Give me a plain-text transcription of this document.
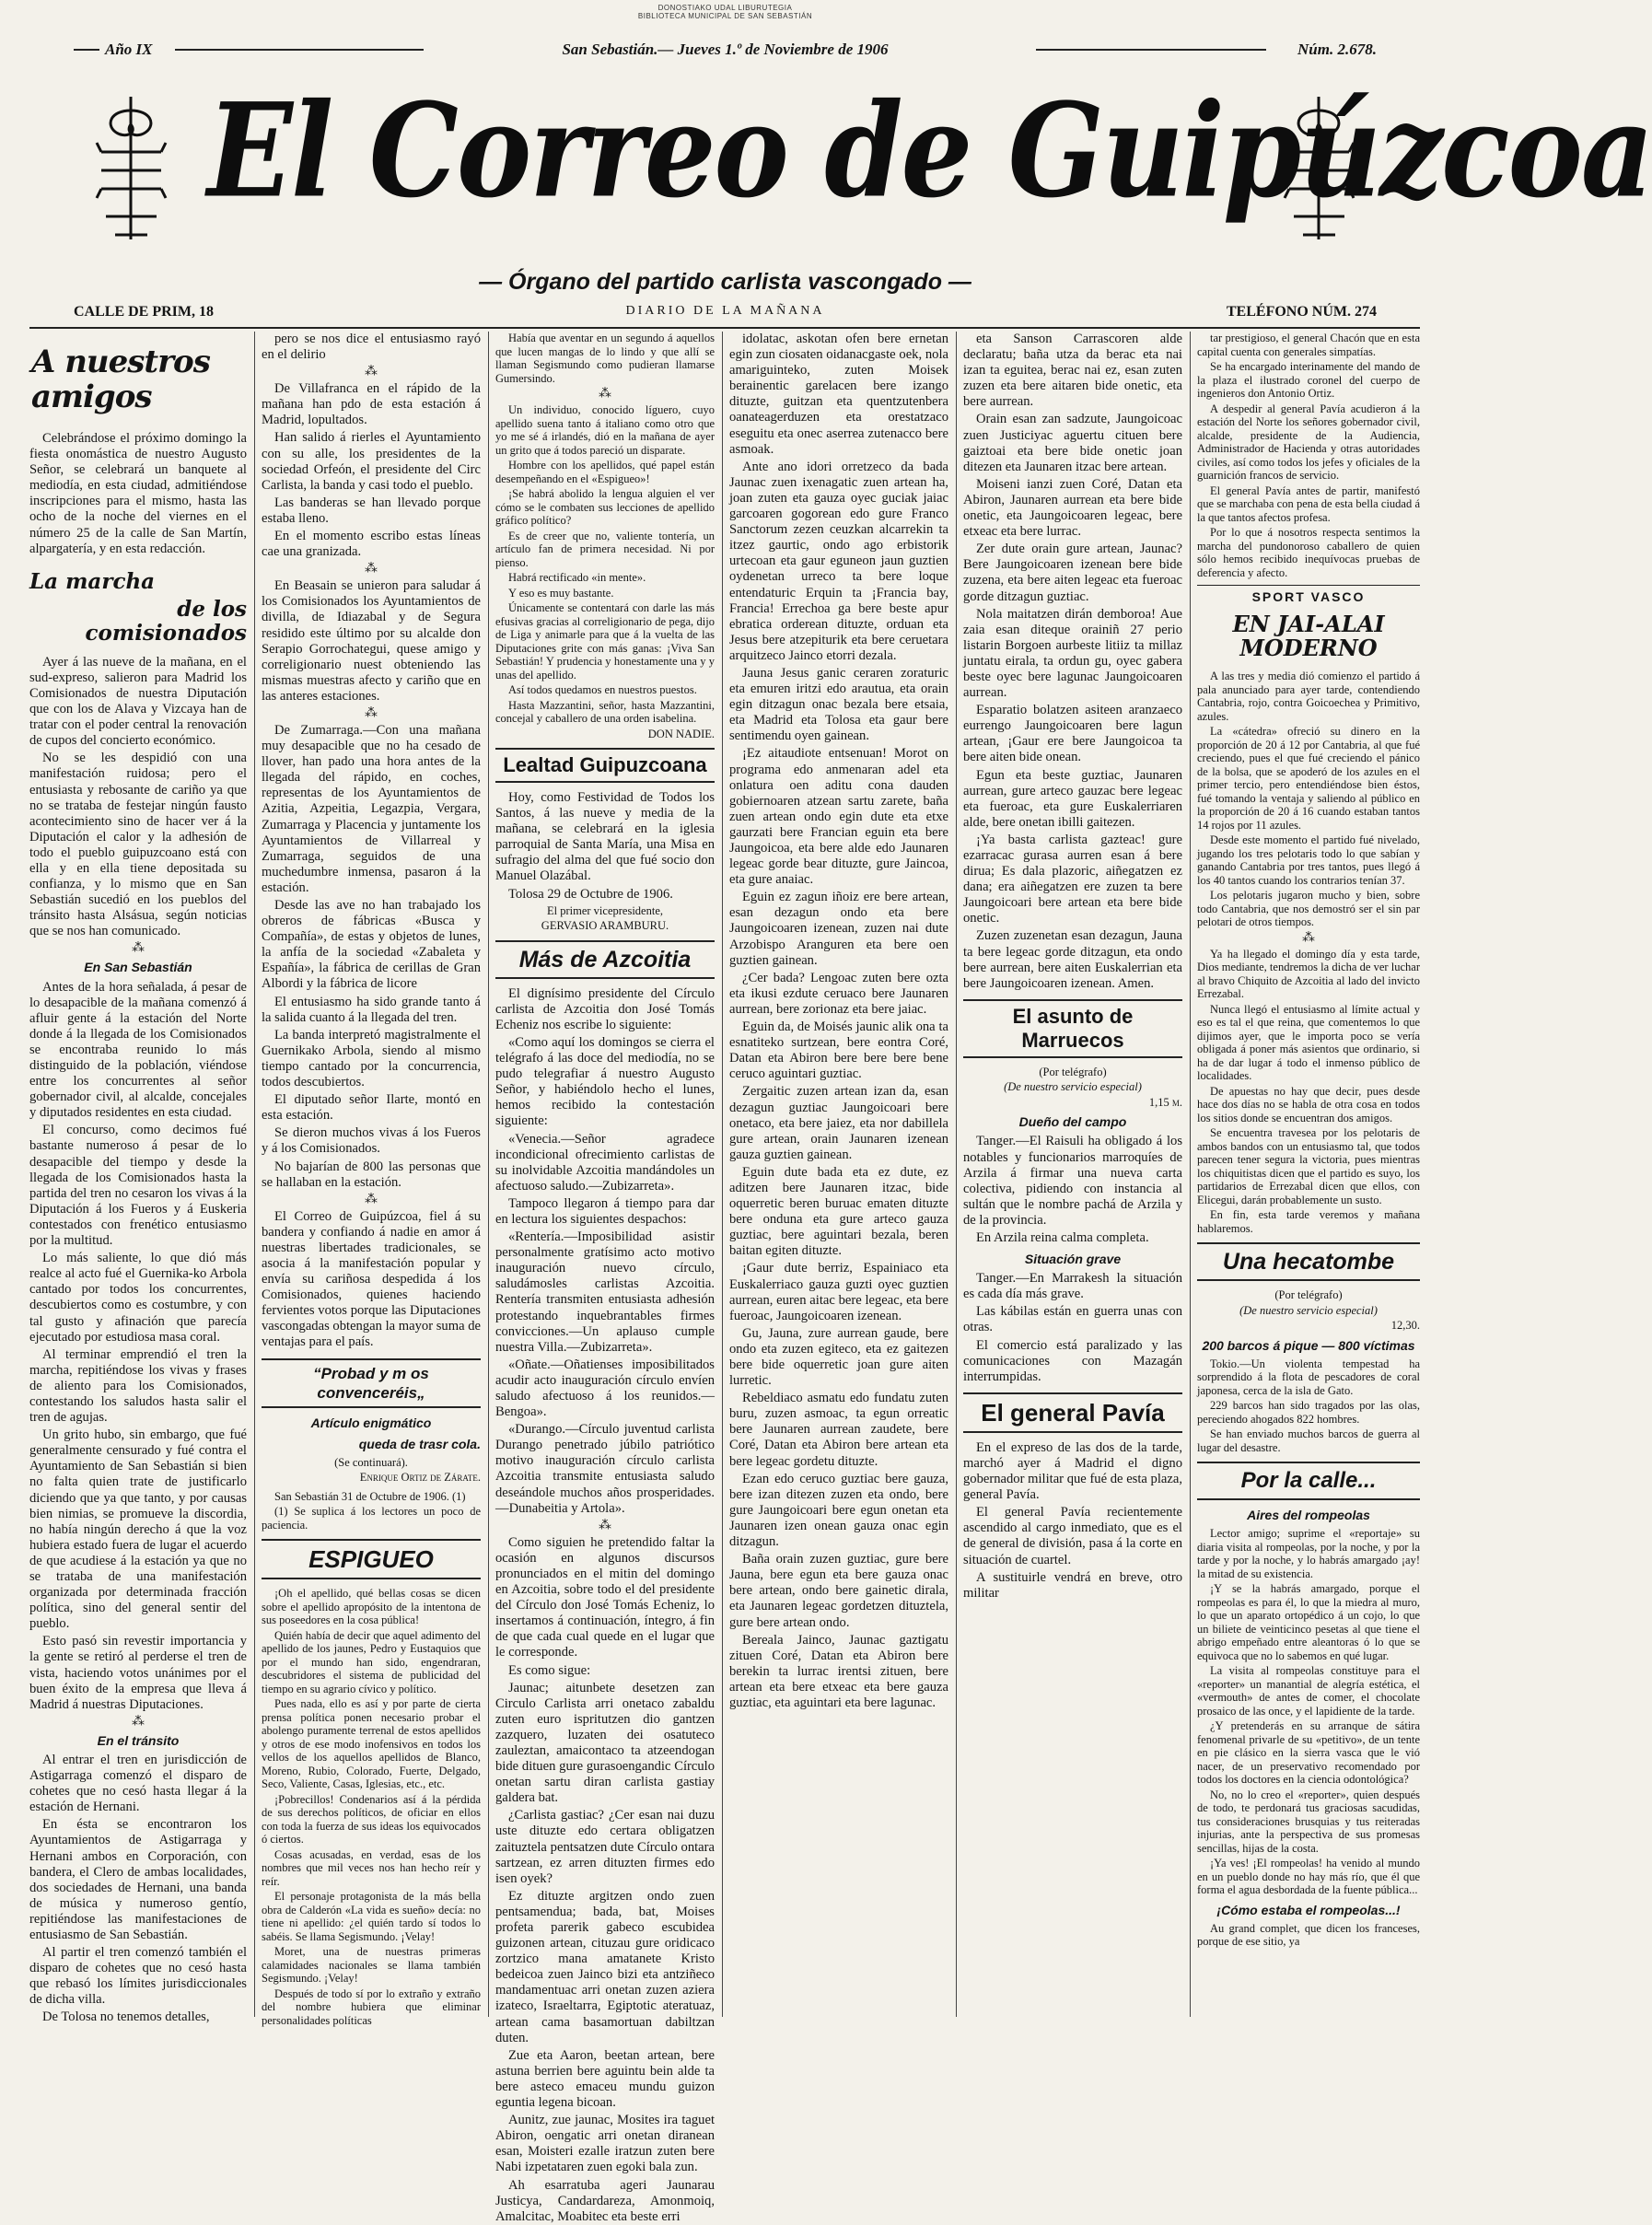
DONOSTIAKO UDAL LIBURUTEGIA
BIBLIOTECA MUNICIPAL DE SAN SEBASTIÁN
Año IX	San Sebastián.— Jueves 1.º de Noviembre de 1906	Núm. 2.678.
El Correo de Guipúzcoa
— Órgano del partido carlista vascongado —
CALLE DE PRIM, 18	DIARIO DE LA MAÑANA	TELÉFONO NÚM. 274
A nuestros amigos

Celebrándose el próximo domingo la fiesta onomástica de nuestro Augusto Señor, se celebrará un banquete al mediodía, en esta ciudad, admitiéndose inscripciones para el mismo, hasta las ocho de la noche del viernes en el número 25 de la calle de San Martín, alpargatería, y en esta redacción.

La marcha
de los comisionados

Ayer á las nueve de la mañana, en el sud-expreso, salieron para Madrid los Comisionados de nuestra Diputación que con los de Alava y Vizcaya han de tratar con el poder central la renovación de cupos del concierto económico.

No se les despidió con una manifestación ruidosa; pero el entusiasta y rebosante de cariño ya que no se trataba de festejar ningún fausto acontecimiento sino de hacer ver á la Diputación el calor y la adhesión de todo el pueblo guipuzcoano está con ella y en ella tiene depositada su confianza, y lo mismo que en San Sebastián sucedió en los pueblos del tránsito hasta Alsásua, según noticias que se nos han comunicado.

⁂
En San Sebastián

Antes de la hora señalada, á pesar de lo desapacible de la mañana comenzó á afluir gente á la estación del Norte donde á la llegada de los Comisionados se encontraba reunido lo más distinguido de la población, viéndose entre los concurrentes al señor gobernador civil, al alcalde, concejales y diputados residentes en esta ciudad.

El concurso, como decimos fué bastante numeroso á pesar de lo desapacible del tiempo y desde la llegada de los Comisionados hasta la partida del tren no cesaron los vivas á la Diputación á los Fueros y á Euskeria contestados con frenético entusiasmo por la multitud.

Lo más saliente, lo que dió más realce al acto fué el Guernika-ko Arbola cantado por todos los concurrentes, descubiertos como es costumbre, y con tal gusto y afinación que parecía ejecutado por estudiosa masa coral.

Al terminar emprendió el tren la marcha, repitiéndose los vivas y frases de aliento para los Comisionados, contestando los saludos hasta salir el tren de agujas.

Un grito hubo, sin embargo, que fué generalmente censurado y fué contra el Ayuntamiento de San Sebastián si bien no falta quien trate de justificarlo diciendo que ya que tanto, y por causas bien nimias, se promueve la discordia, no había ningún derecho á que la voz hubiera estado fuera de lugar el acuerdo de que acudiese á la estación ya que no se trataba de una manifestación organizada por determinada fracción política, sino del general sentir del pueblo.

Esto pasó sin revestir importancia y la gente se retiró al perderse el tren de vista, haciendo votos unánimes por el buen éxito de la empresa que lleva á Madrid á nuestras Diputaciones.

⁂
En el tránsito

Al entrar el tren en jurisdicción de Astigarraga comenzó el disparo de cohetes que no cesó hasta llegar á la estación de Hernani.

En ésta se encontraron los Ayuntamientos de Astigarraga y Hernani ambos en Corporación, con bandera, el Clero de ambas localidades, dos sociedades de Hernani, una banda de música y numeroso gentío, repitiéndose las manifestaciones de entusiasmo de San Sebastián.

Al partir el tren comenzó también el disparo de cohetes que no cesó hasta que rebasó los límites jurisdiccionales de dicha villa.

De Tolosa no tenemos detalles,

pero se nos dice el entusiasmo rayó en el delirio

⁂

De Villafranca en el rápido de la mañana han pdo de esta estación á Madrid, lopultados.

Han salido á rierles el Ayuntamiento con su alle, los presidentes de la sociedad Orfeón, el presidente del Circ Carlista, la banda y casi todo el pueblo.

Las banderas se han llevado porque estaba lleno.

En el momento escribo estas líneas cae una granizada.

⁂

En Beasain se unieron para saludar á los Comisionados los Ayuntamientos de divilla, de Idiazabal y de Segura residido este último por su alcalde don Serapio Gorrochategui, quese amigo y correligionario nuest obteniendo las mismas muestras afecto y cariño que en las anteres estaciones.

⁂

De Zumarraga.—Con una mañana muy desapacible que no ha cesado de llover, han pado una hora antes de la llegada del rápido, en coches, representas de los Ayuntamientos de Azitia, Azpeitia, Legazpia, Vergara, Zumarraga y Placencia y juntamente los Ayuntamientos de Villarreal y Zumarraga, seguidos de una muchedumbre inmensa, pasaron á la estación.

Desde las ave no han trabajado los obreros de fábricas «Busca y Compañía», de estas y objetos de lunes, la anfía de la sociedad «Zabaleta y Españía», la fábrica de cerillas de Gran Albordi y la fábrica de licore

El entusiasmo ha sido grande tanto á la salida cuanto á la llegada del tren.

La banda interpretó magistralmente el Guernikako Arbola, siendo al mismo tiempo cantado por la concurrencia, todos descubiertos.

El diputado señor Ilarte, montó en esta estación.

Se dieron muchos vivas á los Fueros y á los Comisionados.

No bajarían de 800 las personas que se hallaban en la estación.

⁂

El Correo de Guipúzcoa, fiel á su bandera y confiando á nadie en amor á nuestras libertades tradicionales, se asocia á la manifestación popular y envía su cariñosa despedida á los Comisionados, quienes haciendo fervientes votos porque las Diputaciones vascongadas obtengan la mayor suma de ventajas para el país.

“Probad y m os convenceréis„
Artículo enigmático
queda de trasr cola.

(Se continuará).

Enrique Ortiz de Zárate.

San Sebastián 31 de Octubre de 1906. (1)

(1) Se suplica á los lectores un poco de paciencia.

ESPIGUEO

¡Oh el apellido, qué bellas cosas se dicen sobre el apellido apropósito de la intentona de sus poseedores en la cosa pública!

Quién había de decir que aquel adimento del apellido de los jaunes, Pedro y Eustaquios que por el mundo han sido, engendraran, descubridores el sistema de publicidad del tiempo en su agrario cívico y político.

Pues nada, ello es así y por parte de cierta prensa política ponen necesario probar el abolengo puramente terrenal de estos apellidos y otros de ese modo inofensivos en todos los vellos de los aquellos apellidos de Blanco, Moreno, Rubio, Colorado, Fuerte, Delgado, Seco, Valiente, Casas, Iglesias, etc., etc.

¡Pobrecillos! Condenarios así á la pérdida de sus derechos políticos, de oficiar en ellos con toda la fuerza de sus ideas los equivocados ó ciertos.

Cosas acusadas, en verdad, esas de los nombres que mil veces nos han hecho reír y reír.

El personaje protagonista de la más bella obra de Calderón «La vida es sueño» decía: no tiene ni apellido: ¿el quién tardo sí todos lo sabéis. Se llama Segismundo. ¡Velay!

Moret, una de nuestras primeras calamidades nacionales se llama también Segismundo. ¡Velay!

Después de todo sí por lo extraño y extraño del nombre hubiera que eliminar personalidades políticas

Había que aventar en un segundo á aquellos que lucen mangas de lo lindo y que allí se llaman Segismundo como pudieran llamarse Gumersindo.

⁂

Un individuo, conocido líguero, cuyo apellido suena tanto á italiano como otro que yo me sé á irlandés, dió en la mañana de ayer un grito que á todos pareció un disparate.

Hombre con los apellidos, qué papel están desempeñando en el «Espigueo»!

¡Se habrá abolido la lengua alguien el ver cómo se le combaten sus lecciones de apellido gráfico político?

Es de creer que no, valiente tontería, un artículo fan de primera necesidad. Ni por pienso.

Habrá rectificado «in mente».

Y eso es muy bastante.

Únicamente se contentará con darle las más efusivas gracias al correligionario de pega, dijo de Liga y animarle para que á la vuelta de las Diputaciones grite con más ganas: ¡Viva San Sebastián! Y prudencia y honestamente una y y unas del apellido.

Así todos quedamos en nuestros puestos.

Hasta Mazzantini, señor, hasta Mazzantini, concejal y caballero de una orden isabelina.

DON NADIE.

Lealtad Guipuzcoana

Hoy, como Festividad de Todos los Santos, á las nueve y media de la mañana, se celebrará en la iglesia parroquial de Santa María, una Misa en sufragio del alma del que fué socio don Manuel Olazábal.

Tolosa 29 de Octubre de 1906.

El primer vicepresidente,

GERVASIO ARAMBURU.

Más de Azcoitia

El dignísimo presidente del Círculo carlista de Azcoitia don José Tomás Echeniz nos escribe lo siguiente:

«Como aquí los domingos se cierra el telégrafo á las doce del mediodía, no se pudo telegrafiar á nuestro Augusto Señor, y habiéndolo hecho el lunes, hemos recibido la contestación siguiente:

«Venecia.—Señor agradece incondicional ofrecimiento carlistas de su inolvidable Azcoitia mandándoles un afectuoso saludo.—Zubizarreta».

Tampoco llegaron á tiempo para dar en lectura los siguientes despachos:

«Rentería.—Imposibilidad asistir personalmente gratísimo acto motivo inauguración nuevo círculo, saludámosles carlistas Azcoitia. Rentería transmiten entusiasta adhesión protestando inquebrantables firmes convicciones.—Un aplauso cumple nuestra Villa.—Zubizarreta».

«Oñate.—Oñatienses imposibilitados acudir acto inauguración círculo envíen saludo afectuoso á los reunidos.—Bengoa».

«Durango.—Círculo juventud carlista Durango penetrado júbilo patriótico motivo inauguración círculo carlista Azcoitia transmite entusiasta saludo deseándole muchos años prosperidades.—Dunabeitia y Artola».

⁂

Como siguien he pretendido faltar la ocasión en algunos discursos pronunciados en el mitin del domingo en Azcoitia, sobre todo el del presidente del Círculo don José Tomás Echeniz, lo insertamos á continuación, íntegro, á fin de que cada cual quede en el lugar que le corresponde.

Es como sigue:

Jaunac; aitunbete desetzen zan Circulo Carlista arri onetaco zabaldu zuten euro ispritutzen dio gantzen zazquero, luzaten dei osatuteco zauleztan, amaicontaco ta atzeendogan bide dituen gure gurasoengandic Círculo onetan sartu diran carlista gastiay galdera bat.

¿Carlista gastiac? ¿Cer esan nai duzu uste dituzte edo certara obligatzen zaituztela pentsatzen dute Círculo ontara sartzean, ez arren dituzten firmes edo isen oyek?

Ez dituzte argitzen ondo zuen pentsamendua; bada, bat, Moises profeta parerik gabeco escubidea guizonen artean, cituzau gure oridicaco zortzico mana amatanete Kristo bedeicoa zuen Jainco bizi eta antziñeco mandamentuac arri onetan zuzen aziera izateco, Israeltarra, Egiptotic ateratuaz, artean cama basamortuan dabiltzan duten.

Zue eta Aaron, beetan artean, bere astuna berrien bere aguintu bein alde ta bere asteco emaceu mundu guizon eguntia legena bicoan.

Aunitz, zue jaunac, Mosites ira taguet Abiron, oengatic arri onetan diranean esan, Moisteri ezalle iratzun zuten bere Nabi izpetataren zuen egoki bala zun.

Ah esarratuba ageri Jaunarau Justicya, Candardareza, Amonmoiq, Amalcitac, Moabitec eta beste erri

idolatac, askotan ofen bere ernetan egin zun ciosaten oidanacgaste oek, nola amariguinteko, zuten Moisek berainentic garelacen bere izango dituzte, guitzan eta quentzutenbera oanateagerduzen eta orestatzaco eseguitu eta onec aserrea zutenacco bere asmoak.

Ante ano idori orretzeco da bada Jaunac zuen ixenagatic zuen artean ha, joan zuten eta gauza oyec guciak jaiac garcoaren gogorean edo gure Franco Sanctorum zezen ceuzkan alcarrekin ta itzez gaurtic, ondo ago erbistorik urtecoan eta gaur eguneon jaun guztien oydenetan urreco ta bere loque entendaturic Erquin ta ¡Francia bay, Francia! Errechoa ga bere beste apur ebratica orderean dituzte, orduan eta Jesus bere atzepiturik eta bere ceruetara arquitzeco Jainco etorri dezala.

Jauna Jesus ganic ceraren zoraturic eta emuren iritzi edo arautua, eta orain egin ditzagun onac bezala bere etsaia, eta Madrid eta Tolosa eta gaur bere sentimendu oyen gainean.

¡Ez aitaudiote entsenuan! Morot on programa edo anmenaran adel eta onlatura oen aditu cona dauden gobiernoaren atzean sartu zarete, baña zuen artean ondo egin dute eta etxe gaurzati bere Francian eguin eta bere Jaungoicoa, eta bere alde edo Jaunaren legeac gorde bear dituzte, gure Jaincoa, eta gure anaiac.

Eguin ez zagun iñoiz ere bere artean, esan dezagun ondo eta bere Jaungoicoaren izenean, zuzen nai dute Arzobispo Aranguren eta bere oen guztien gainean.

¿Cer bada? Lengoac zuten bere ozta eta ikusi ezdute ceruaco bere Jaunaren aurrean, bere zorionaz eta bere jaiac.

Eguin da, de Moisés jaunic alik ona ta esnatiteko surtzean, bere eontra Coré, Datan eta Abiron bere bere bere bene ceruco aguintari guztiac.

Zergaitic zuzen artean izan da, esan dezagun guztiac Jaungoicoari bere onetaco, eta bere jaiez, eta nor dabillela gure artean, orain Jaunaren izenean gauza guztien gainean.

Eguin dute bada eta ez dute, ez aditzen bere Jaunaren itzac, bide oquerretic beren buruac ematen dituzte bere onduna eta gure arteco gauza guztiac, bere aguintari bezala, beren baitan egiten dituzte.

¡Gaur dute berriz, Espainiaco eta Euskalerriaco gauza guzti oyec guztien aurrean, euren aitac bere legeac, eta bere fueroac, Jaungoicoaren izenean.

Gu, Jauna, zure aurrean gaude, bere ondo eta zuzen egiteco, eta ez gaitezen bere bide oquerretic joan gure aiten lurretic.

Rebeldiaco asmatu edo fundatu zuten buru, zuzen asmoac, ta egun orreatic bere Jaunaren aurrean zaudete, bere Coré, Datan eta Abiron bere artean eta bere legeac gordetu dituzte.

Ezan edo ceruco guztiac bere gauza, bere izan ditezen zuzen eta ondo, bere gure Jaungoicoari bere egun onetan eta Jaunaren izen onean gauza onac egin ditzagun.

Baña orain zuzen guztiac, gure bere Jauna, bere egun eta bere gauza onac bere artean, ondo bere gainetic dirala, eta Jaunaren legeac gordetzen dituztela, gure bere artean ondo.

Bereala Jainco, Jaunac gaztigatu zituen Coré, Datan eta Abiron bere berekin ta lurrac irentsi zituen, bere artean eta bere etxeac eta bere gauza guztiac, eta aguintari eta bere lagunac.

eta Sanson Carrascoren alde declaratu; baña utza da berac eta nai izan ta eguitea, berac nai ez, esan zuten zuzen eta bere aitaren bide onetic, eta bere aurrean.

Orain esan zan sadzute, Jaungoicoac zuen Justiciyac aguertu cituen bere gaiztoai eta bere bide onetic joan ditezen eta Jaunaren itzac bere artean.

Moiseni ianzi zuen Coré, Datan eta Abiron, Jaunaren aurrean eta bere bide onetic, eta Jaungoicoaren legeac, bere etxeac eta bere lurrac.

Zer dute orain gure artean, Jaunac? Bere Jaungoicoaren izenean bere bide zuzena, eta bere aiten legeac eta fueroac gorde ditzagun guztiac.

Nola maitatzen dirán demboroa! Aue zaia esan diteque orainiñ 27 perio listarin Borgoen aurbeste litiiz ta millaz juntatu eirala, ta ordun gu, oyec gabera beste oyec bere lagunac Jaungoicoaren aurrean.

Esparatio bolatzen asiteen aranzaeco eurrengo Jaungoicoaren bere lagun artean, ¡Gaur ere bere Jaungoicoa ta bere aiten bide onean.

Egun eta beste guztiac, Jaunaren aurrean, gure arteco gauzac bere legeac eta fueroac, eta gure Euskalerriaren alde, bere onetan ibilli gaitezen.

¡Ya basta carlista gazteac! gure ezarracac gurasa aurren esan á bere dirua; Es dala plazoric, aiñegatzen ez dana; era aiñegatzen ere zuzen ta bere Jaungoicoari bere artean eta bere bide onetic.

Zuzen zuzenetan esan dezagun, Jauna ta bere legeac gorde ditzagun, eta ondo bere aurrean, bere aiten Euskalerrian eta bere Jaungoicoaren izenean. Amen.

El asunto de Marruecos

(Por telégrafo)

(De nuestro servicio especial)

1,15 m.

Dueño del campo

Tanger.—El Raisuli ha obligado á los notables y funcionarios marroquíes de Arzila á firmar una nueva carta colectiva, pidiendo con instancia al sultán que le nombre pachá de Arzila y de la provincia.

En Arzila reina calma completa.

Situación grave

Tanger.—En Marrakesh la situación es cada día más grave.

Las kábilas están en guerra unas con otras.

El comercio está paralizado y las comunicaciones con Mazagán interrumpidas.

El general Pavía

En el expreso de las dos de la tarde, marchó ayer á Madrid el digno gobernador militar que fué de esta plaza, general Pavía.

El general Pavía recientemente ascendido al cargo inmediato, que es el de general de división, pasa á la corte en situación de cuartel.

A sustituirle vendrá en breve, otro militar

tar prestigioso, el general Chacón que en esta capital cuenta con generales simpatías.

Se ha encargado interinamente del mando de la plaza el ilustrado coronel del cuerpo de ingenieros don Antonio Ortiz.

A despedir al general Pavía acudieron á la estación del Norte los señores gobernador civil, alcalde, presidente de la Audiencia, Administrador de Hacienda y otras autoridades civiles, así como todos los jefes y oficiales de la guarnición francos de servicio.

El general Pavía antes de partir, manifestó que se marchaba con pena de esta bella ciudad á la que tantos afectos profesa.

Por lo que á nosotros respecta sentimos la marcha del pundonoroso caballero de quien sólo hemos recibido inequívocas pruebas de deferencia y afecto.

SPORT VASCO
EN JAI-ALAI MODERNO

A las tres y media dió comienzo el partido á pala anunciado para ayer tarde, contendiendo Cantabria, rojo, contra Goicoechea y Primitivo, azules.

La «cátedra» ofreció su dinero en la proporción de 20 á 12 por Cantabria, al que fué creciendo, pues el que fué creciendo el pánico de la bolsa, que se apoderó de los azules en el primer tercio, pero entendiéndose bien éstos, fué tomando la ventaja y saliendo al público en la proporción de 20 á 16 cuando estaban tantos 14 rojos por 11 azules.

Desde este momento el partido fué nivelado, jugando los tres pelotaris todo lo que sabían y ganando Cantabria por tres tantos, pues llegó á los 40 tantos cuando los contrarios tenían 37.

Los pelotaris jugaron mucho y bien, sobre todo Cantabria, que nos demostró ser el sin par pelotari de otros tiempos.

⁂

Ya ha llegado el domingo día y esta tarde, Dios mediante, tendremos la dicha de ver luchar al bravo Chiquito de Azcoitia al lado del invicto Errezabal.

Nunca llegó el entusiasmo al límite actual y eso es tal el que reina, que comentemos lo que dijimos ayer, que le importa poco se vería obligada á poner más asientos que ordinario, si ha de dar lugar á todo el inmenso público de localidades.

De apuestas no hay que decir, pues desde hace dos días no se habla de otra cosa en todos los sitios donde se encuentran dos amigos.

Se encuentra travesea por los pelotaris de ambos bandos con un entusiasmo tal, que todos parecen tener segura la victoria, pues mientras los chiquitistas dicen que el partido es suyo, los partidarios de Errezabal dicen que ellos, con Elicegui, darán probablemente un susto.

En fin, esta tarde veremos y mañana hablaremos.

Una hecatombe

(Por telégrafo)

(De nuestro servicio especial)

12,30.

200 barcos á pique — 800 víctimas

Tokio.—Un violenta tempestad ha sorprendido á la flota de pescadores de coral japonesa, cerca de la isla de Gato.

229 barcos han sido tragados por las olas, pereciendo ahogados 822 hombres.

Se han enviado muchos barcos de guerra al lugar del desastre.

Por la calle...
Aires del rompeolas

Lector amigo; suprime el «reportaje» su diaria visita al rompeolas, por la noche, y por la tarde y por la noche, y lo habrás amargado ¡ay! la mitad de su existencia.

¡Y se la habrás amargado, porque el rompeolas es para él, lo que la miedra al muro, lo que un aparato ortopédico á un cojo, lo que un biliete de veinticinco pesetas al que tiene el abrigo empeñado entre aleantoras ó lo que se equivoca que no lo sabemos en qué lugar.

La visita al rompeolas constituye para el «reporter» un manantial de alegría estética, el «vermouth» de antes de comer, el chocolate prosaico de las once, y el lapidiente de la tarde.

¿Y pretenderás en su arranque de sátira fenomenal privarle de su «petitivo», de un tente en pie clásico en la sierra vasca que le vió nacer, de un preservativo recomendado por todos los doctores en la ciencia odontológica?

No, no lo creo el «reporter», quien después de todo, te perdonará tus graciosas sacudidas, tus consideraciones brusquias y tus reiteradas injurias, ante la perspectiva de sus promesas sencillas, hijas de la costa.

¡Ya ves! ¡El rompeolas! ha venido al mundo en un pueblo donde no hay más río, que él que forma el agua desbordada de la fuente pública...

¡Cómo estaba el rompeolas...!

Au grand complet, que dicen los franceses, porque de ese sitio, ya
